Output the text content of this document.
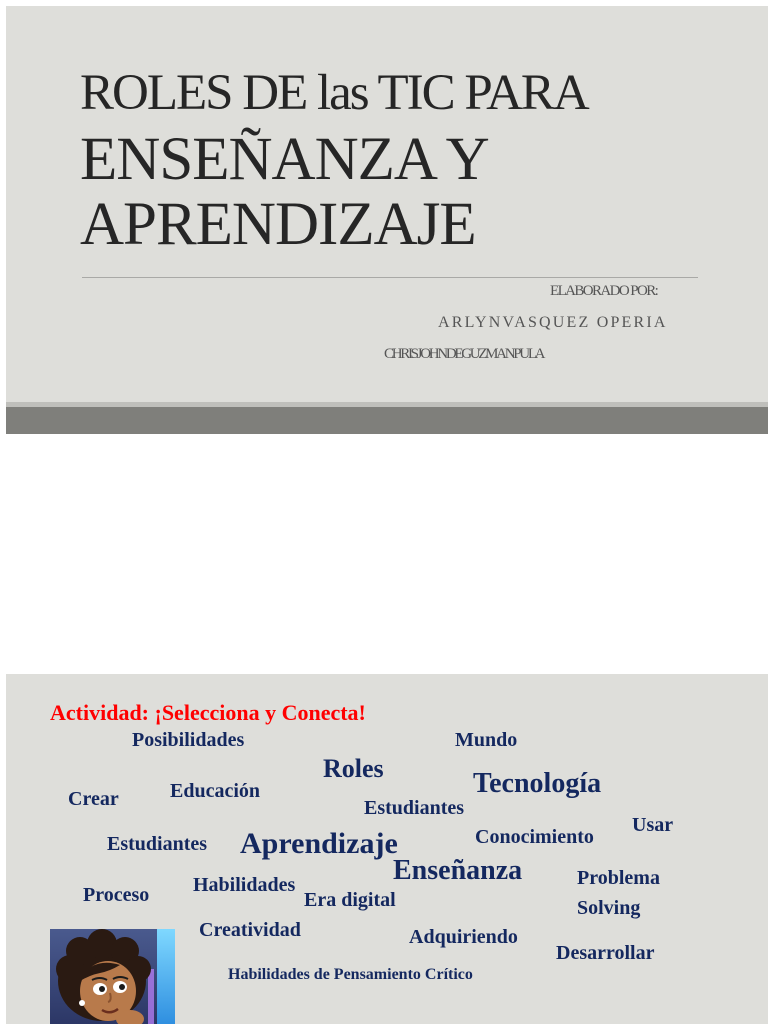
ROLES DE las TIC PARA
ENSEÑANZA Y
APRENDIZAJE
ELABORADO POR:
ARLYNVASQUEZ OPERIA
CHRISJOHNDEGUZMANPULA
Actividad: ¡Selecciona y Conecta!
Posibilidades	Mundo
Roles	Tecnología
Crear	Educación
Estudiantes
Usar
Estudiantes Aprendizaje	Conocimiento
Enseñanza	Problema
Proceso Habilidades
Era digital	Solving
Creatividad	Adquiriendo
Desarrollar
Habilidades de Pensamiento Crítico
